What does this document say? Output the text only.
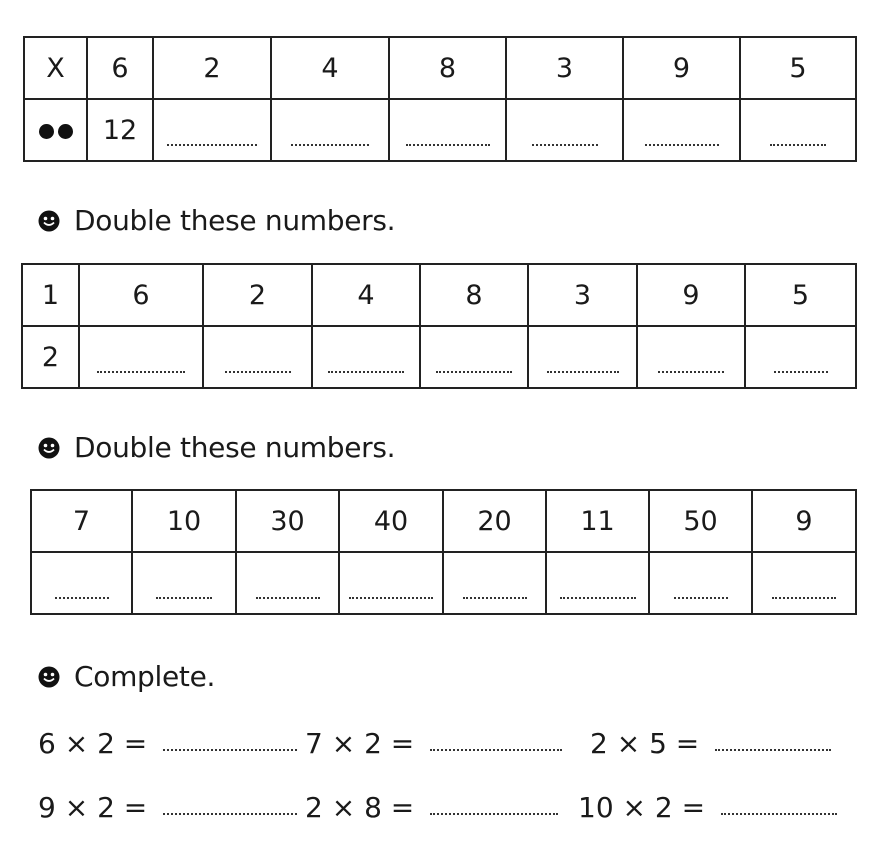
X	6	2	4	8	3	9	5
	12						
Double these numbers.
1	6	2	4	8	3	9	5
2							
Double these numbers.
7	10	30	40	20	11	50	9

Complete.
6 × 2 =	7 × 2 =	2 × 5 =
9 × 2 =	2 × 8 =	10 × 2 =
